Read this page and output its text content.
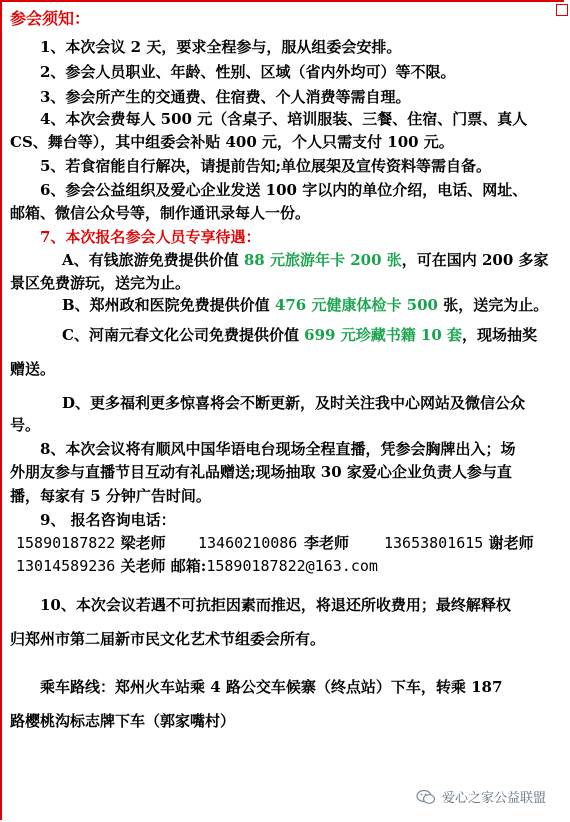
参会须知：
1、本次会议 2 天，要求全程参与，服从组委会安排。
2、参会人员职业、年龄、性别、区域（省内外均可）等不限。
3、参会所产生的交通费、住宿费、个人消费等需自理。
4、本次会费每人 500 元（含桌子、培训服装、三餐、住宿、门票、真人
CS、舞台等），其中组委会补贴 400 元，个人只需支付 100 元。
5、若食宿能自行解决，请提前告知;单位展架及宣传资料等需自备。
6、参会公益组织及爱心企业发送 100 字以内的单位介绍，电话、网址、
邮箱、微信公众号等，制作通讯录每人一份。
7、本次报名参会人员专享待遇：
A、有钱旅游免费提供价值 88 元旅游年卡 200 张，可在国内 200 多家
景区免费游玩，送完为止。
B、郑州政和医院免费提供价值 476 元健康体检卡 500 张，送完为止。
C、河南元春文化公司免费提供价值 699 元珍藏书籍 10 套，现场抽奖
赠送。
D、更多福利更多惊喜将会不断更新，及时关注我中心网站及微信公众
号。
8、本次会议将有顺风中国华语电台现场全程直播，凭参会胸牌出入；场
外朋友参与直播节目互动有礼品赠送;现场抽取 30 家爱心企业负责人参与直
播，每家有 5 分钟广告时间。
9、 报名咨询电话：
15890187822 梁老师 13460210086 李老师 13653801615 谢老师
13014589236 关老师 邮箱:15890187822@163.com
10、本次会议若遇不可抗拒因素而推迟，将退还所收费用；最终解释权
归郑州市第二届新市民文化艺术节组委会所有。
乘车路线：郑州火车站乘 4 路公交车候寨（终点站）下车，转乘 187
路樱桃沟标志牌下车（郭家嘴村）
爱心之家公益联盟
